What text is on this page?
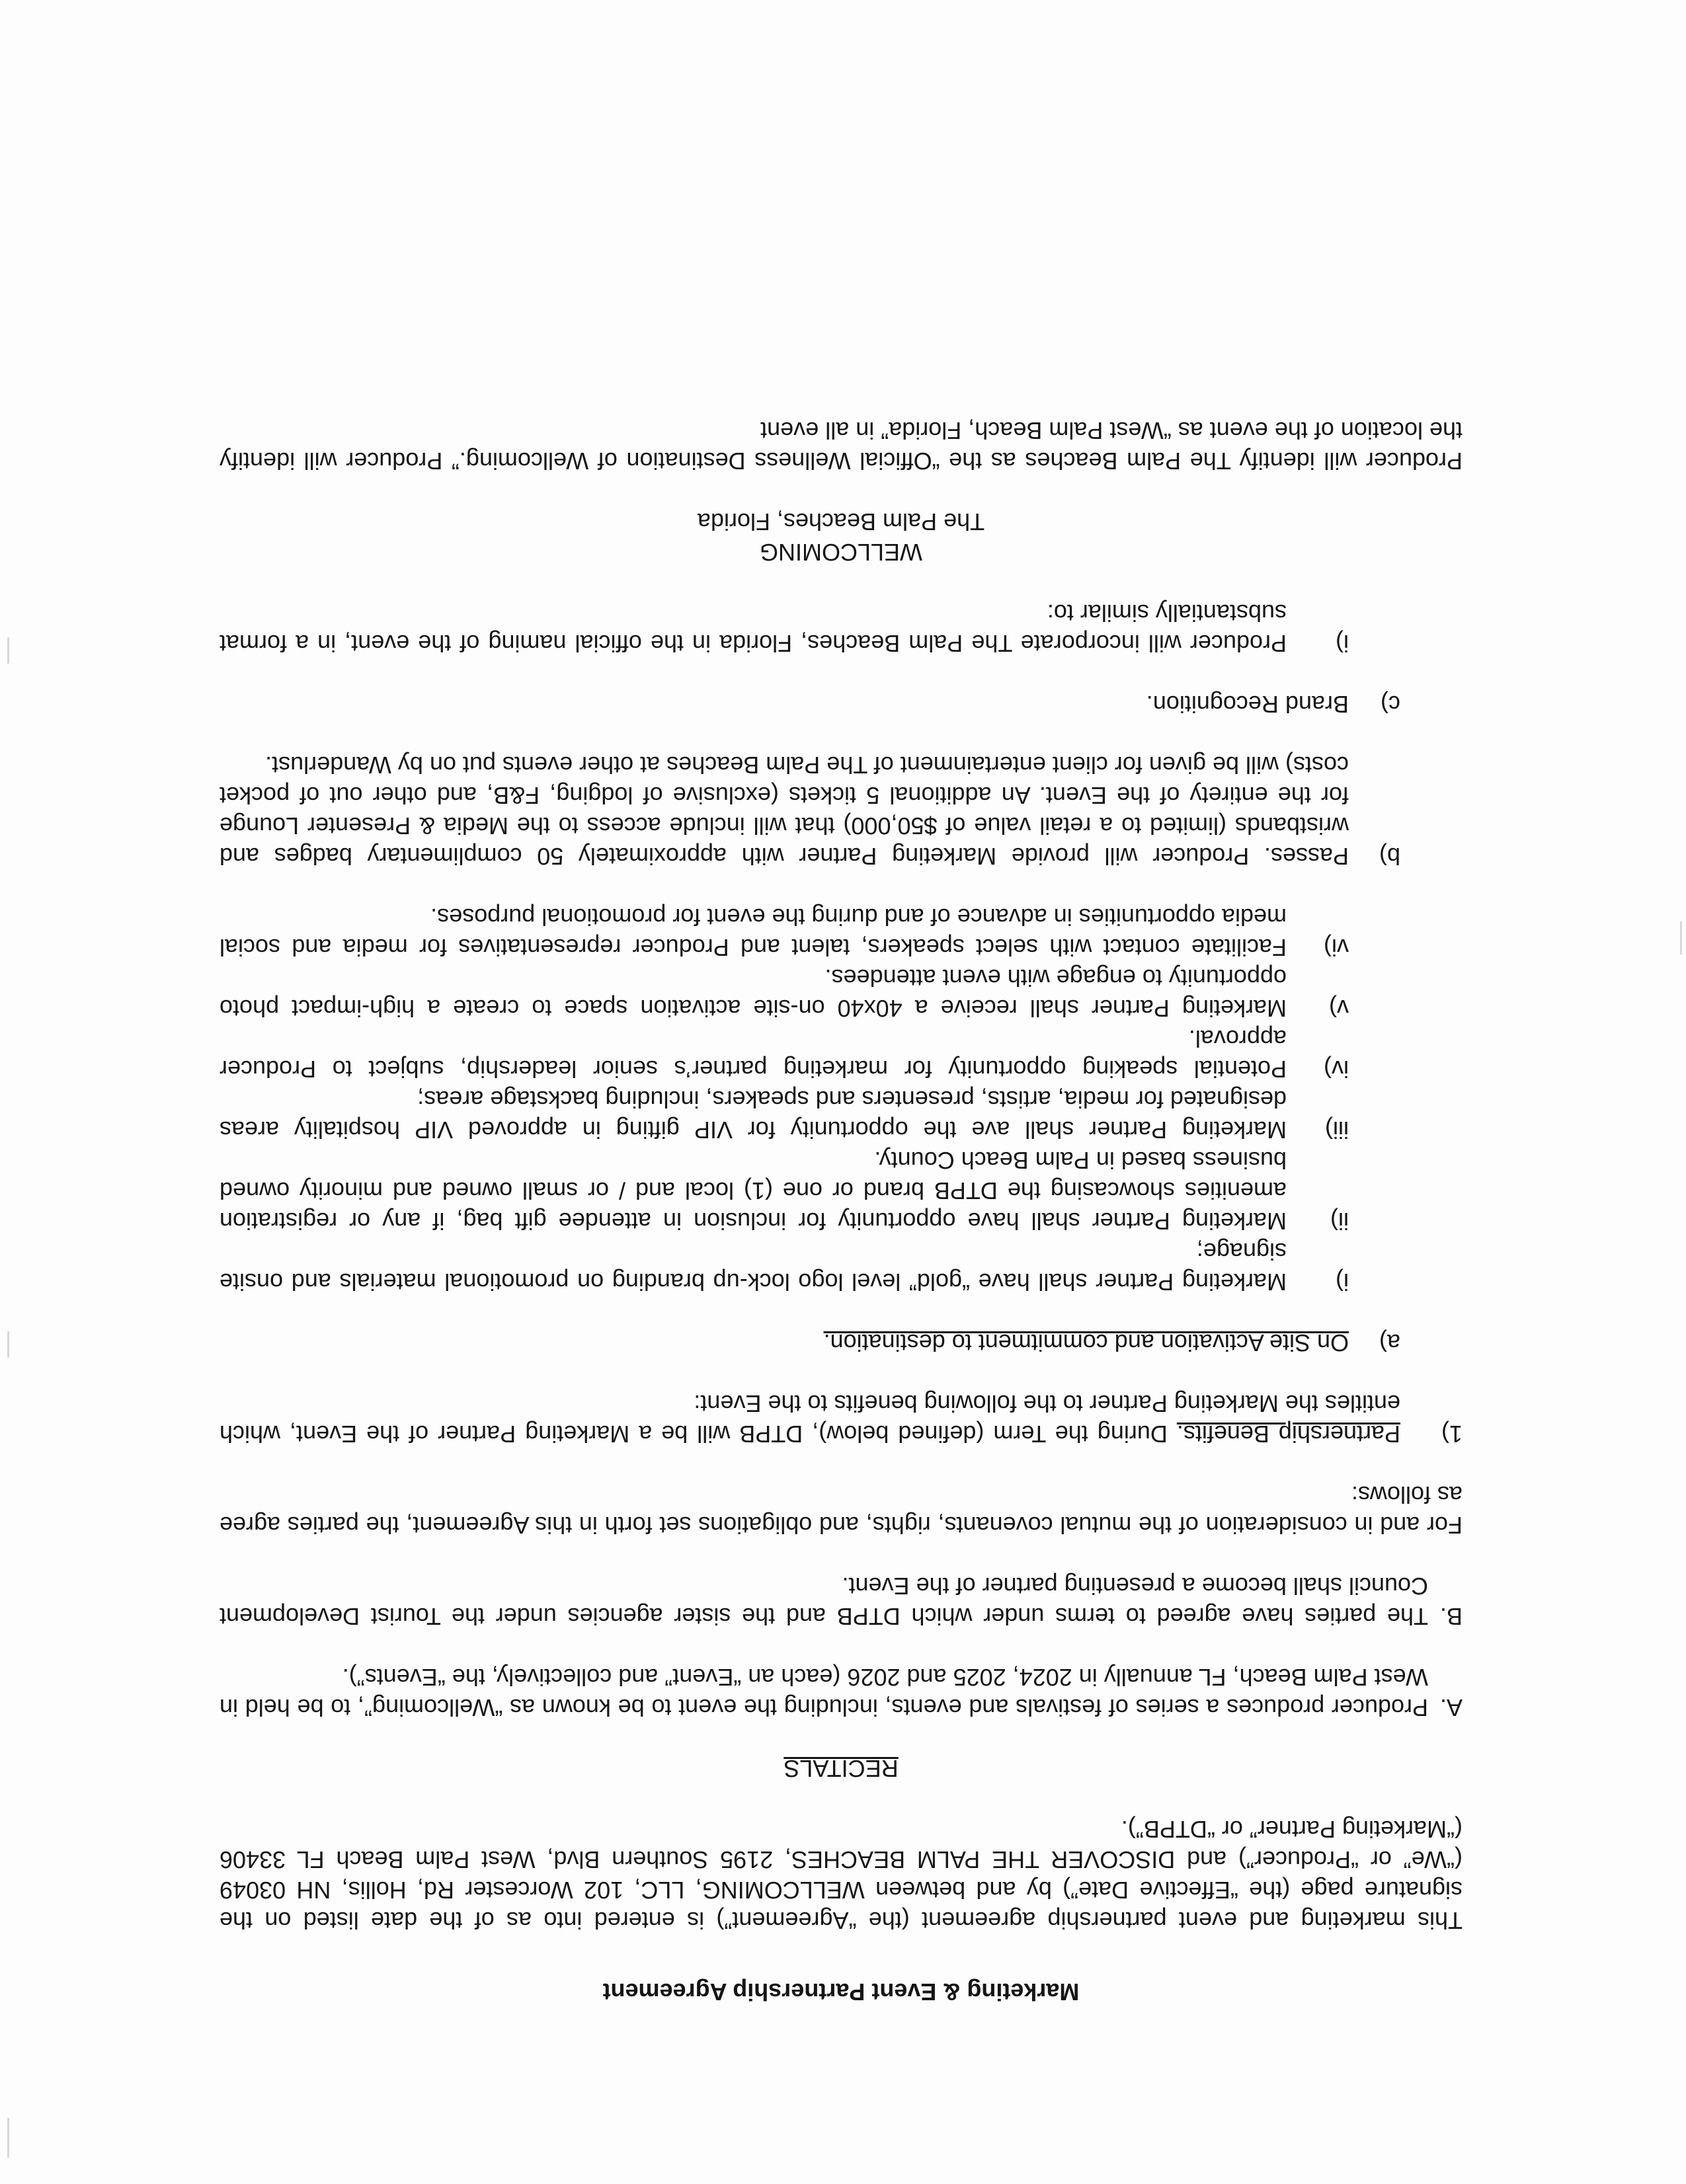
Marketing & Event Partnership Agreement

This marketing and event partnership agreement (the “Agreement”) is entered into as of the date listed on the signature page (the “Effective Date”) by and between WELLCOMING, LLC, 102 Worcester Rd, Hollis, NH 03049 (“We” or “Producer”) and DISCOVER THE PALM BEACHES, 2195 Southern Blvd, West Palm Beach FL 33406 (“Marketing Partner” or “DTPB”).

RECITALS
A.
Producer produces a series of festivals and events, including the event to be known as “Wellcoming”, to be held in West Palm Beach, FL annually in 2024, 2025 and 2026 (each an “Event” and collectively, the “Events”).
B.
The parties have agreed to terms under which DTPB and the sister agencies under the Tourist Development Council shall become a presenting partner of the Event.

For and in consideration of the mutual covenants, rights, and obligations set forth in this Agreement, the parties agree as follows:

1)
Partnership Benefits. During the Term (defined below), DTPB will be a Marketing Partner of the Event, which entitles the Marketing Partner to the following benefits to the Event:
a)
On Site Activation and commitment to destination.
i)
Marketing Partner shall have “gold” level logo lock-up branding on promotional materials and onsite signage;
ii)
Marketing Partner shall have opportunity for inclusion in attendee gift bag, if any or registration amenities showcasing the DTPB brand or one (1) local and / or small owned and minority owned business based in Palm Beach County.
iii)
Marketing Partner shall ave the opportunity for VIP gifting in approved VIP hospitality areas designated for media, artists, presenters and speakers, including backstage areas;
iv)
Potential speaking opportunity for marketing partner’s senior leadership, subject to Producer approval.
v)
Marketing Partner shall receive a 40x40 on-site activation space to create a high-impact photo opportunity to engage with event attendees.
vi)
Facilitate contact with select speakers, talent and Producer representatives for media and social media opportunities in advance of and during the event for promotional purposes.
b)
Passes. Producer will provide Marketing Partner with approximately 50 complimentary badges and wristbands (limited to a retail value of $50,000) that will include access to the Media & Presenter Lounge for the entirety of the Event. An additional 5 tickets (exclusive of lodging, F&B, and other out of pocket costs) will be given for client entertainment of The Palm Beaches at other events put on by Wanderlust.
c)
Brand Recognition.
i)
Producer will incorporate The Palm Beaches, Florida in the official naming of the event, in a format substantially similar to:
WELLCOMING
The Palm Beaches, Florida

Producer will identify The Palm Beaches as the “Official Wellness Destination of Wellcoming.” Producer will identify the location of the event as “West Palm Beach, Florida” in all event
